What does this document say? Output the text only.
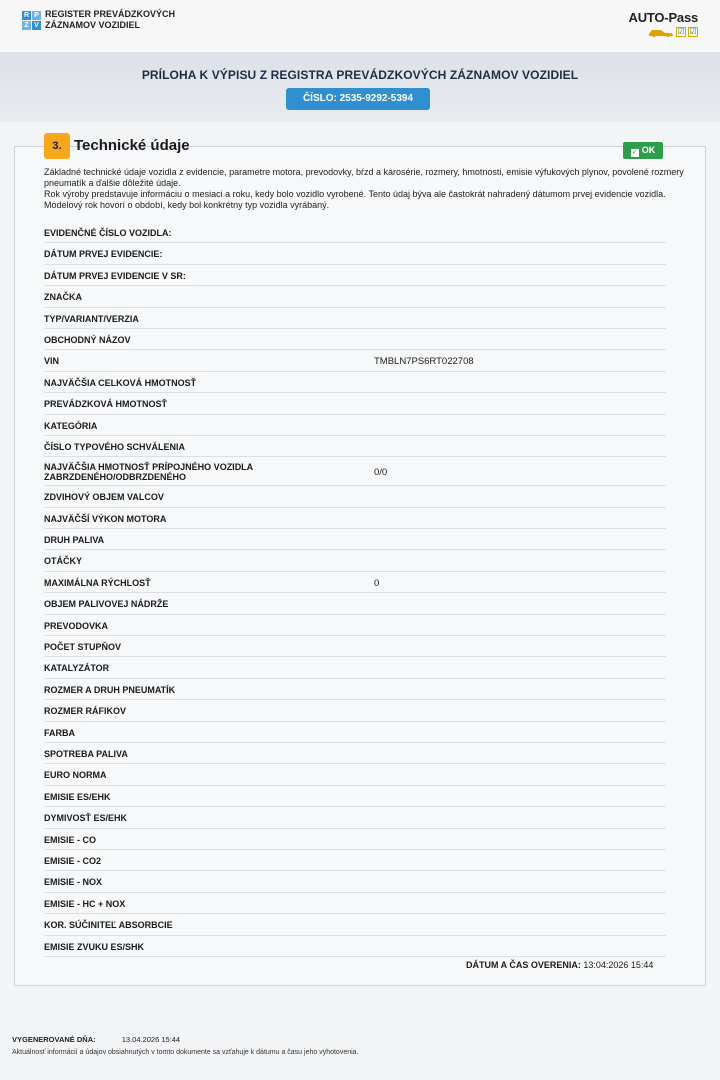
R P
Z V
REGISTER PREVÁDZKOVÝCH
ZÁZNAMOV VOZIDIEL	AUTO-Pass
☑ ☑
PRÍLOHA K VÝPISU Z REGISTRA PREVÁDZKOVÝCH ZÁZNAMOV VOZIDIEL
ČÍSLO: 2535-9292-5394
3. Technické údaje	✓ OK
Základné technické údaje vozidla z evidencie, parametre motora, prevodovky, bŕzd a karosérie, rozmery, hmotnosti, emisie výfukových plynov, povolené rozmery pneumatík a ďalšie dôležité údaje.
Rok výroby predstavuje informáciu o mesiaci a roku, kedy bolo vozidlo vyrobené. Tento údaj býva ale častokrát nahradený dátumom prvej evidencie vozidla. Modelový rok hovorí o období, kedy bol konkrétny typ vozidla vyrábaný.
EVIDENČNÉ ČÍSLO VOZIDLA:
DÁTUM PRVEJ EVIDENCIE:
DÁTUM PRVEJ EVIDENCIE V SR:
ZNAČKA
TYP/VARIANT/VERZIA
OBCHODNÝ NÁZOV
VIN	TMBLN7PS6RT022708
NAJVÄČŠIA CELKOVÁ HMOTNOSŤ
PREVÁDZKOVÁ HMOTNOSŤ
KATEGÓRIA
ČÍSLO TYPOVÉHO SCHVÁLENIA
NAJVÄČŠIA HMOTNOSŤ PRÍPOJNÉHO VOZIDLA ZABRZDENÉHO/ODBRZDENÉHO	0/0
ZDVIHOVÝ OBJEM VALCOV
NAJVÄČŠÍ VÝKON MOTORA
DRUH PALIVA
OTÁČKY
MAXIMÁLNA RÝCHLOSŤ	0
OBJEM PALIVOVEJ NÁDRŽE
PREVODOVKA
POČET STUPŇOV
KATALYZÁTOR
ROZMER A DRUH PNEUMATÍK
ROZMER RÁFIKOV
FARBA
SPOTREBA PALIVA
EURO NORMA
EMISIE ES/EHK
DYMIVOSŤ ES/EHK
EMISIE - CO
EMISIE - CO2
EMISIE - NOX
EMISIE - HC + NOX
KOR. SÚČINITEĽ ABSORBCIE
EMISIE ZVUKU ES/SHK
DÁTUM A ČAS OVERENIA: 13:04:2026 15:44
VYGENEROVANÉ DŇA:	13.04.2026 15:44
Aktuálnosť informácií a údajov obsiahnutých v tomto dokumente sa vzťahuje k dátumu a času jeho vyhotovenia.
